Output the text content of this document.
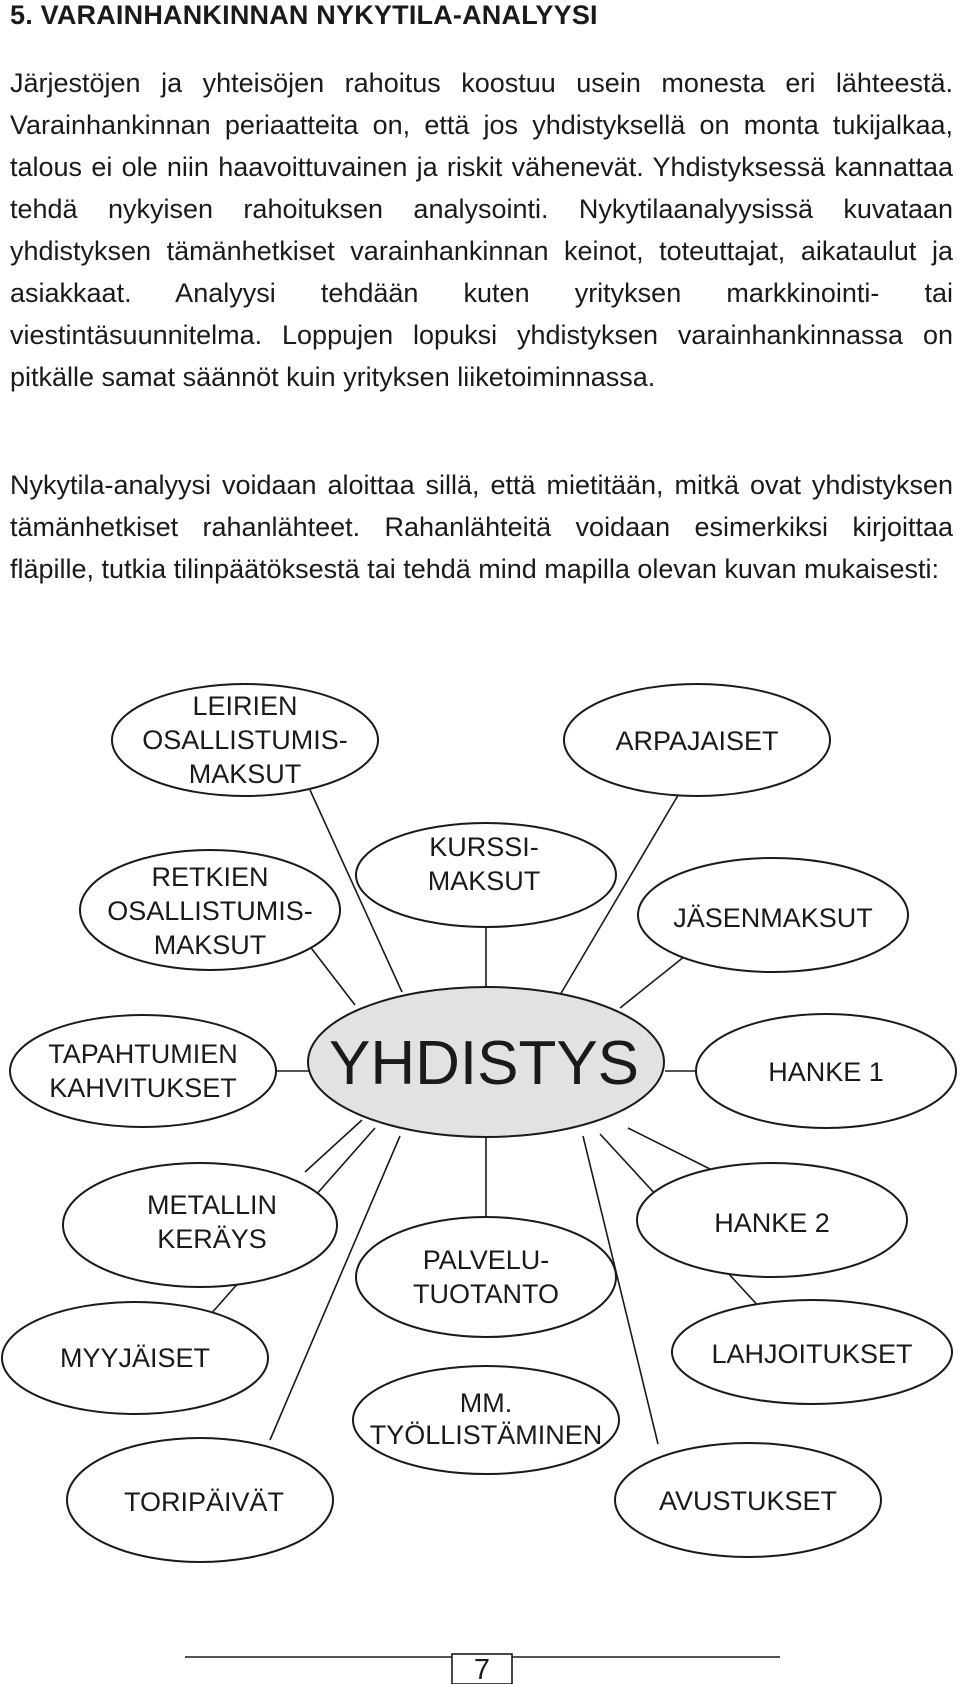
5. VARAINHANKINNAN NYKYTILA-ANALYYSI

Järjestöjen ja yhteisöjen rahoitus koostuu usein monesta eri lähteestä. Varainhankinnan periaatteita on, että jos yhdistyksellä on monta tukijalkaa, talous ei ole niin haavoittuvainen ja riskit vähenevät. Yhdistyksessä kannattaa tehdä nykyisen rahoituksen analysointi. Nykytilaanalyysissä kuvataan yhdistyksen tämänhetkiset varainhankinnan keinot, toteuttajat, aikataulut ja asiakkaat. Analyysi tehdään kuten yrityksen markkinointi- tai viestintäsuunnitelma. Loppujen lopuksi yhdistyksen varainhankinnassa on pitkälle samat säännöt kuin yrityksen liiketoiminnassa.

Nykytila-analyysi voidaan aloittaa sillä, että mietitään, mitkä ovat yhdistyksen tämänhetkiset rahanlähteet. Rahanlähteitä voidaan esimerkiksi kirjoittaa fläpille, tutkia tilinpäätöksestä tai tehdä mind mapilla olevan kuvan mukaisesti:

LEIRIEN
OSALLISTUMIS-
MAKSUT
ARPAJAISET
KURSSI-
MAKSUT
RETKIEN
OSALLISTUMIS-
MAKSUT
JÄSENMAKSUT
TAPAHTUMIEN
KAHVITUKSET YHDISTYS	HANKE 1
METALLIN
KERÄYS
HANKE 2
PALVELU-
TUOTANTO
MYYJÄISET	LAHJOITUKSET
MM.
TYÖLLISTÄMINEN
TORIPÄIVÄT	AVUSTUKSET
7
